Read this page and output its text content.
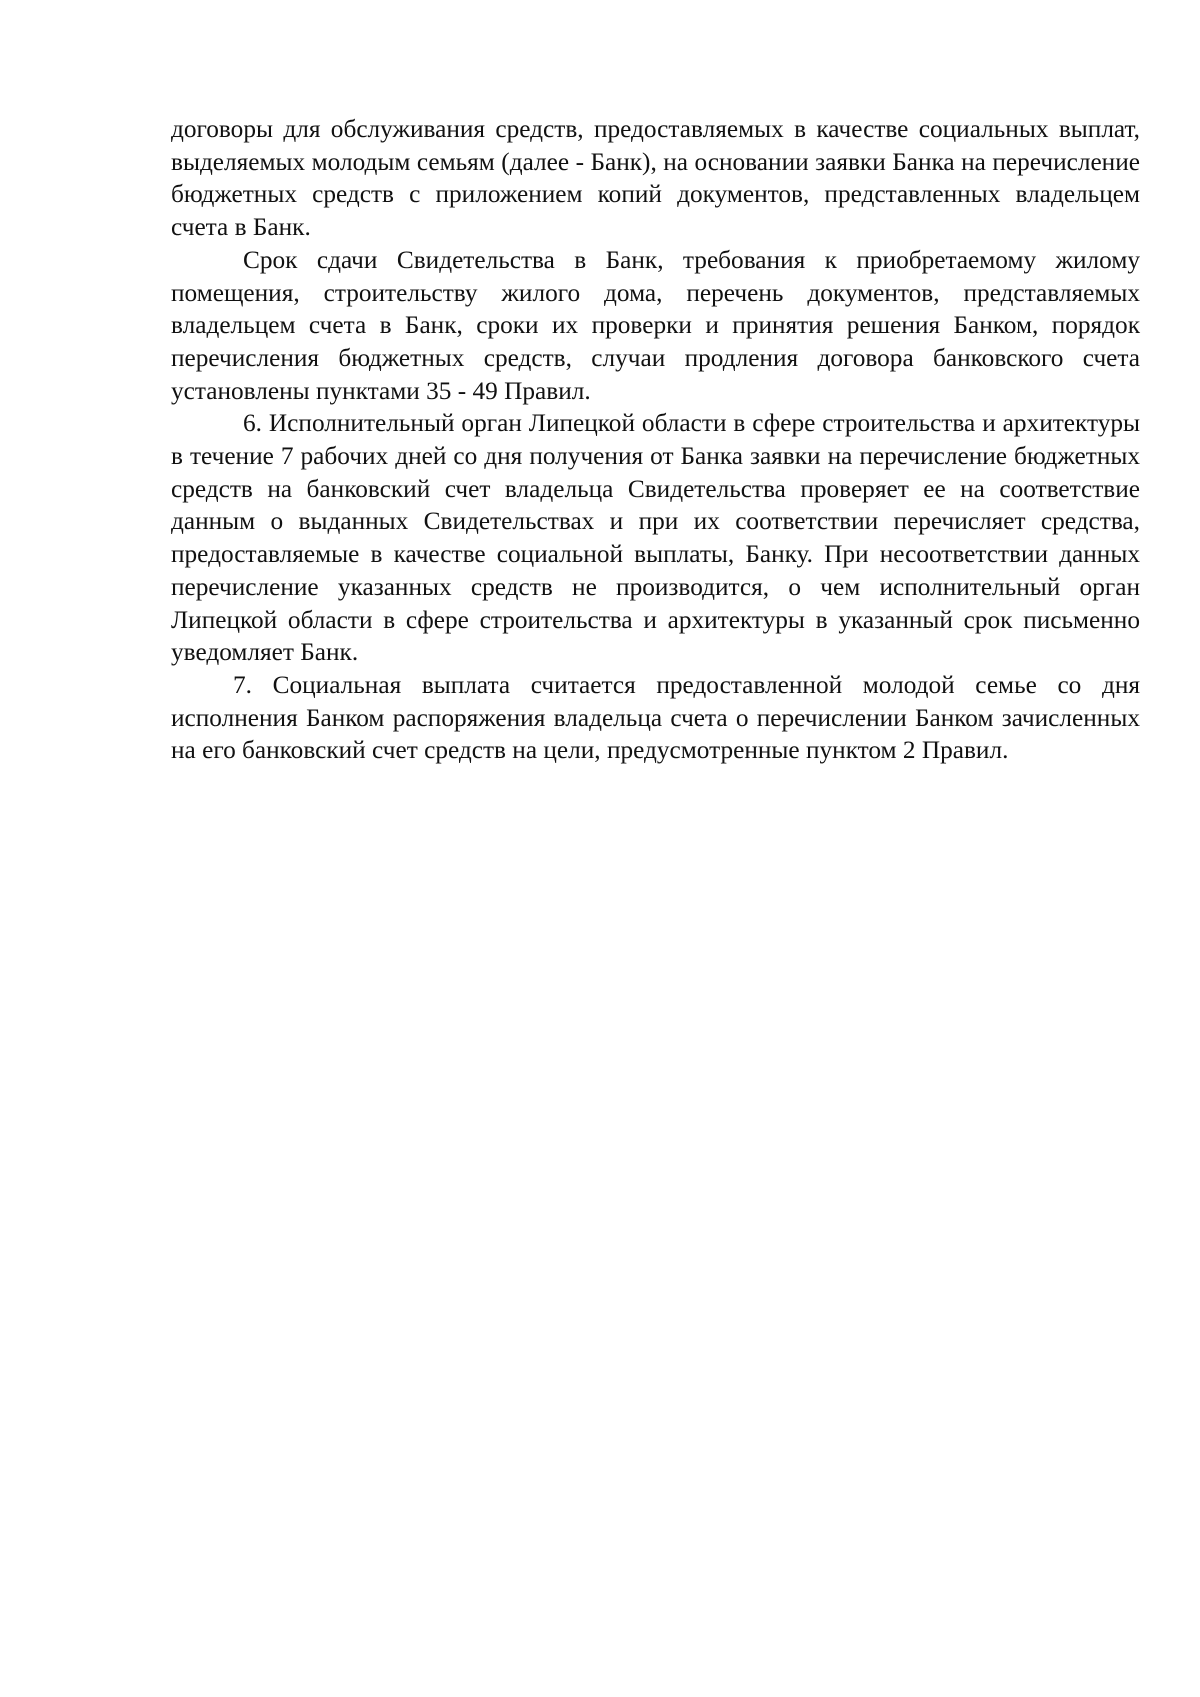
договоры для обслуживания средств, предоставляемых в качестве социальных выплат, выделяемых молодым семьям (далее - Банк), на основании заявки Банка на перечисление бюджетных средств с приложением копий документов, представленных владельцем счета в Банк.

Срок сдачи Свидетельства в Банк, требования к приобретаемому жилому помещения, строительству жилого дома, перечень документов, представляемых владельцем счета в Банк, сроки их проверки и принятия решения Банком, порядок перечисления бюджетных средств, случаи продления договора банковского счета установлены пунктами 35 - 49 Правил.

6. Исполнительный орган Липецкой области в сфере строительства и архитектуры в течение 7 рабочих дней со дня получения от Банка заявки на перечисление бюджетных средств на банковский счет владельца Свидетельства проверяет ее на соответствие данным о выданных Свидетельствах и при их соответствии перечисляет средства, предоставляемые в качестве социальной выплаты, Банку. При несоответствии данных перечисление указанных средств не производится, о чем исполнительный орган Липецкой области в сфере строительства и архитектуры в указанный срок письменно уведомляет Банк.

7. Социальная выплата считается предоставленной молодой семье со дня исполнения Банком распоряжения владельца счета о перечислении Банком зачисленных на его банковский счет средств на цели, предусмотренные пунктом 2 Правил.
